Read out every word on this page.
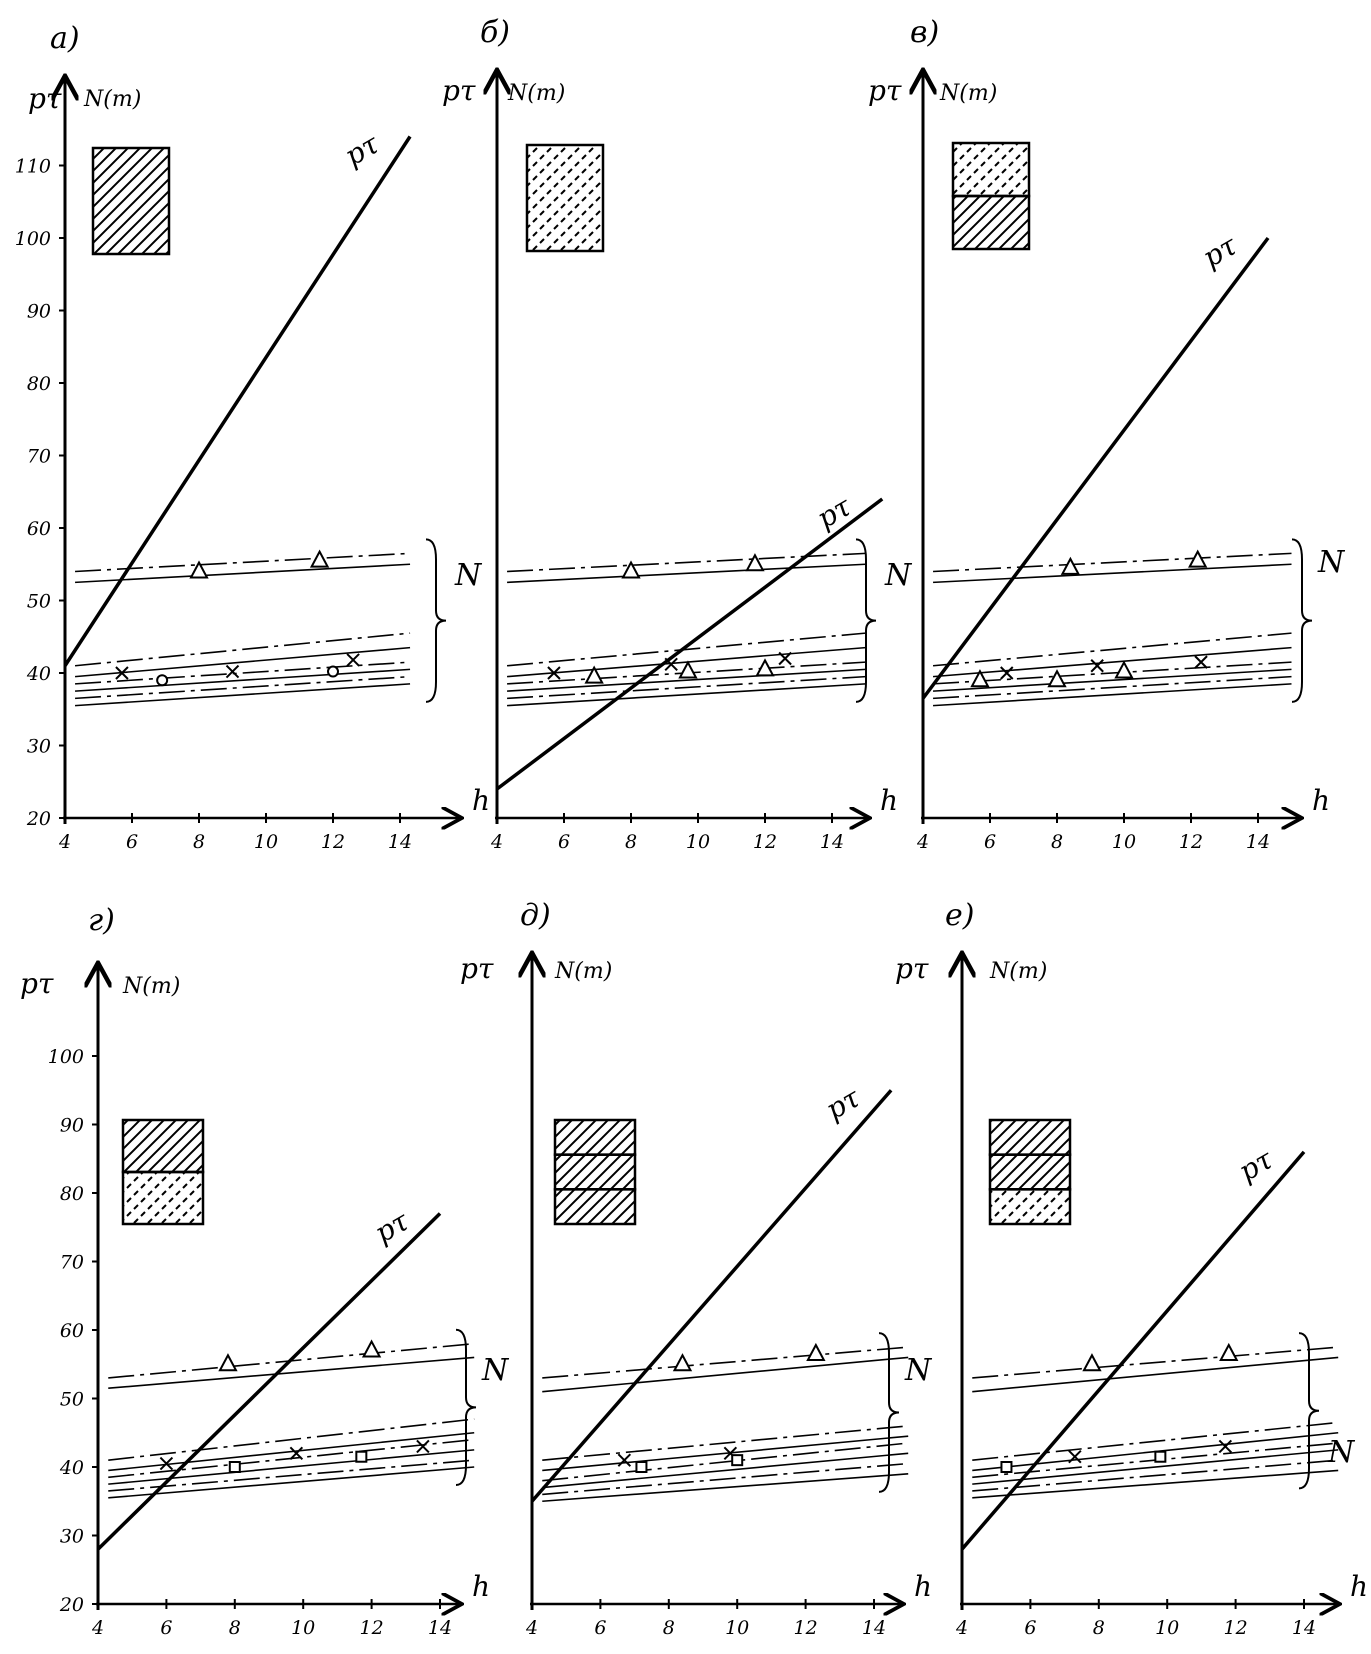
а)
pτ N(т)
h
4	6	8	10 12 14
20
30
40
50
60
70
80
90
100
110
N
pτ
б)
pτ N(т)
h
4	6	8	10 12 14
N
pτ
в)
pτ N(т)
h
4	6	8	10 12 14
N
pτ
г)
pτ	N(т)
h
4	6	8	10 12 14
20
30
40
50
60
70
80
90
100
N
pτ
д)
pτ	N(т)
h
4	6	8	10 12 14
N
pτ
е)
pτ	N(т)
h
4	6	8	10 12 14
N
pτ
